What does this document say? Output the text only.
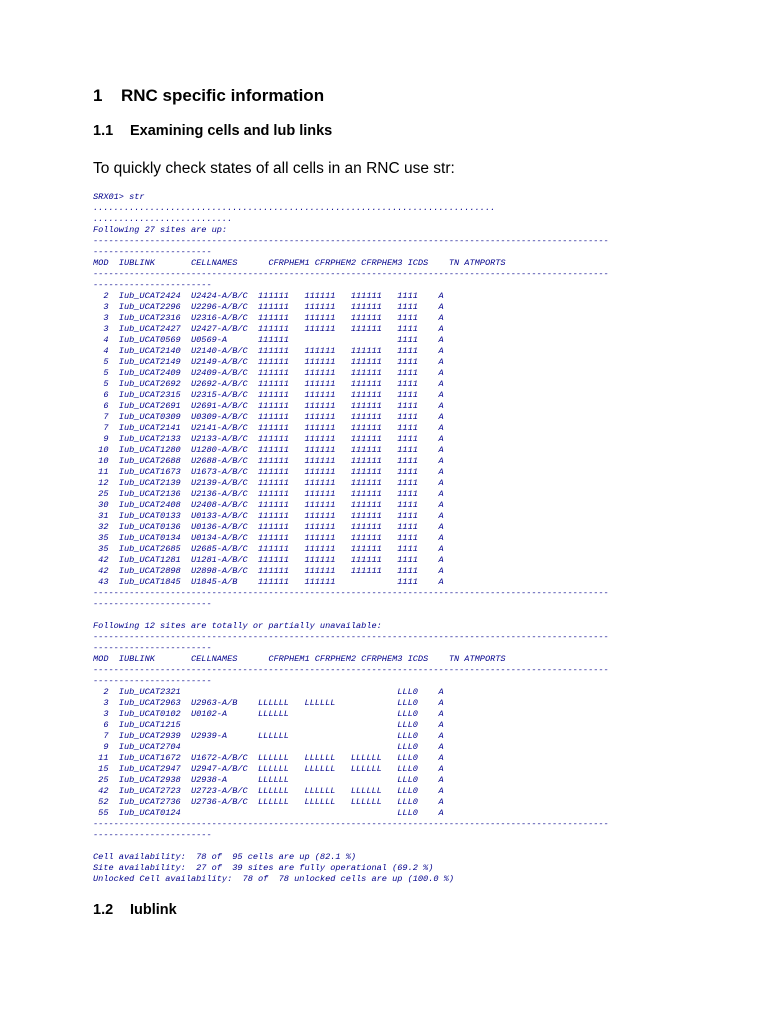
1 RNC specific information
1.1 Examining cells and lub links

To quickly check states of all cells in an RNC use str:

SRX01> str
..............................................................................
...........................
Following 27 sites are up:
----------------------------------------------------------------------------------------------------
-----------------------
MOD  IUBLINK       CELLNAMES      CFRPHEM1 CFRPHEM2 CFRPHEM3 ICDS    TN ATMPORTS
----------------------------------------------------------------------------------------------------
-----------------------
2  Iub_UCAT2424  U2424-A/B/C  111111   111111   111111   1111    A
3  Iub_UCAT2296  U2296-A/B/C  111111   111111   111111   1111    A
3  Iub_UCAT2316  U2316-A/B/C  111111   111111   111111   1111    A
3  Iub_UCAT2427  U2427-A/B/C  111111   111111   111111   1111    A
4  Iub_UCAT0569  U0569-A      111111                     1111    A
4  Iub_UCAT2140  U2140-A/B/C  111111   111111   111111   1111    A
5  Iub_UCAT2149  U2149-A/B/C  111111   111111   111111   1111    A
5  Iub_UCAT2409  U2409-A/B/C  111111   111111   111111   1111    A
5  Iub_UCAT2692  U2692-A/B/C  111111   111111   111111   1111    A
6  Iub_UCAT2315  U2315-A/B/C  111111   111111   111111   1111    A
6  Iub_UCAT2691  U2691-A/B/C  111111   111111   111111   1111    A
7  Iub_UCAT0309  U0309-A/B/C  111111   111111   111111   1111    A
7  Iub_UCAT2141  U2141-A/B/C  111111   111111   111111   1111    A
9  Iub_UCAT2133  U2133-A/B/C  111111   111111   111111   1111    A
10  Iub_UCAT1280  U1280-A/B/C  111111   111111   111111   1111    A
10  Iub_UCAT2688  U2688-A/B/C  111111   111111   111111   1111    A
11  Iub_UCAT1673  U1673-A/B/C  111111   111111   111111   1111    A
12  Iub_UCAT2139  U2139-A/B/C  111111   111111   111111   1111    A
25  Iub_UCAT2136  U2136-A/B/C  111111   111111   111111   1111    A
30  Iub_UCAT2408  U2408-A/B/C  111111   111111   111111   1111    A
31  Iub_UCAT0133  U0133-A/B/C  111111   111111   111111   1111    A
32  Iub_UCAT0136  U0136-A/B/C  111111   111111   111111   1111    A
35  Iub_UCAT0134  U0134-A/B/C  111111   111111   111111   1111    A
35  Iub_UCAT2685  U2685-A/B/C  111111   111111   111111   1111    A
42  Iub_UCAT1281  U1281-A/B/C  111111   111111   111111   1111    A
42  Iub_UCAT2898  U2898-A/B/C  111111   111111   111111   1111    A
43  Iub_UCAT1845  U1845-A/B    111111   111111            1111    A
----------------------------------------------------------------------------------------------------
-----------------------

Following 12 sites are totally or partially unavailable:
----------------------------------------------------------------------------------------------------
-----------------------
MOD  IUBLINK       CELLNAMES      CFRPHEM1 CFRPHEM2 CFRPHEM3 ICDS    TN ATMPORTS
----------------------------------------------------------------------------------------------------
-----------------------
2  Iub_UCAT2321                                          LLL0    A
3  Iub_UCAT2963  U2963-A/B    LLLLLL   LLLLLL            LLL0    A
3  Iub_UCAT0102  U0102-A      LLLLLL                     LLL0    A
6  Iub_UCAT1215                                          LLL0    A
7  Iub_UCAT2939  U2939-A      LLLLLL                     LLL0    A
9  Iub_UCAT2704                                          LLL0    A
11  Iub_UCAT1672  U1672-A/B/C  LLLLLL   LLLLLL   LLLLLL   LLL0    A
15  Iub_UCAT2947  U2947-A/B/C  LLLLLL   LLLLLL   LLLLLL   LLL0    A
25  Iub_UCAT2938  U2938-A      LLLLLL                     LLL0    A
42  Iub_UCAT2723  U2723-A/B/C  LLLLLL   LLLLLL   LLLLLL   LLL0    A
52  Iub_UCAT2736  U2736-A/B/C  LLLLLL   LLLLLL   LLLLLL   LLL0    A
55  Iub_UCAT0124                                          LLL0    A
----------------------------------------------------------------------------------------------------
-----------------------

Cell availability:  78 of  95 cells are up (82.1 %)
Site availability:  27 of  39 sites are fully operational (69.2 %)
Unlocked Cell availability:  78 of  78 unlocked cells are up (100.0 %)
1.2 Iublink
